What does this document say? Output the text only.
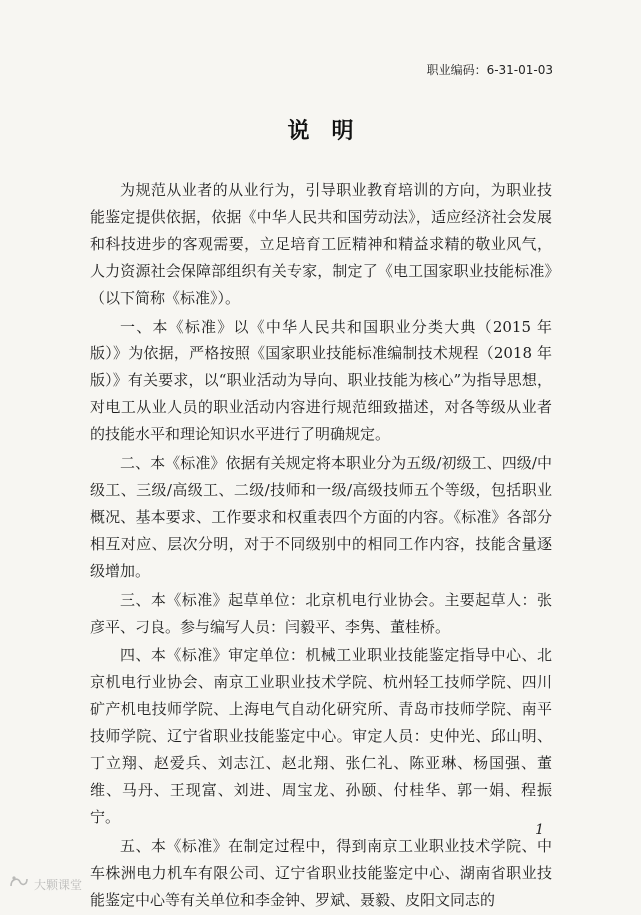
职业编码：6-31-01-03
说明

为规范从业者的从业行为，引导职业教育培训的方向，为职业技能鉴定提供依据，依据《中华人民共和国劳动法》，适应经济社会发展和科技进步的客观需要，立足培育工匠精神和精益求精的敬业风气，人力资源社会保障部组织有关专家，制定了《电工国家职业技能标准》（以下简称《标准》）。

一、本《标准》以《中华人民共和国职业分类大典（2015 年版）》为依据，严格按照《国家职业技能标准编制技术规程（2018 年版）》有关要求，以“职业活动为导向、职业技能为核心”为指导思想，对电工从业人员的职业活动内容进行规范细致描述，对各等级从业者的技能水平和理论知识水平进行了明确规定。

二、本《标准》依据有关规定将本职业分为五级/初级工、四级/中级工、三级/高级工、二级/技师和一级/高级技师五个等级，包括职业概况、基本要求、工作要求和权重表四个方面的内容。《标准》各部分相互对应、层次分明，对于不同级别中的相同工作内容，技能含量逐级增加。

三、本《标准》起草单位：北京机电行业协会。主要起草人：张彦平、刁良。参与编写人员：闫毅平、李隽、董桂桥。

四、本《标准》审定单位：机械工业职业技能鉴定指导中心、北京机电行业协会、南京工业职业技术学院、杭州轻工技师学院、四川矿产机电技师学院、上海电气自动化研究所、青岛市技师学院、南平技师学院、辽宁省职业技能鉴定中心。审定人员：史仲光、邱山明、丁立翔、赵爱兵、刘志江、赵北翔、张仁礼、陈亚琳、杨国强、董维、马丹、王现富、刘进、周宝龙、孙颐、付桂华、郭一娟、程振宁。

五、本《标准》在制定过程中，得到南京工业职业技术学院、中车株洲电力机车有限公司、辽宁省职业技能鉴定中心、湖南省职业技能鉴定中心等有关单位和李金钟、罗斌、聂毅、皮阳文同志的

1
大颗课堂
